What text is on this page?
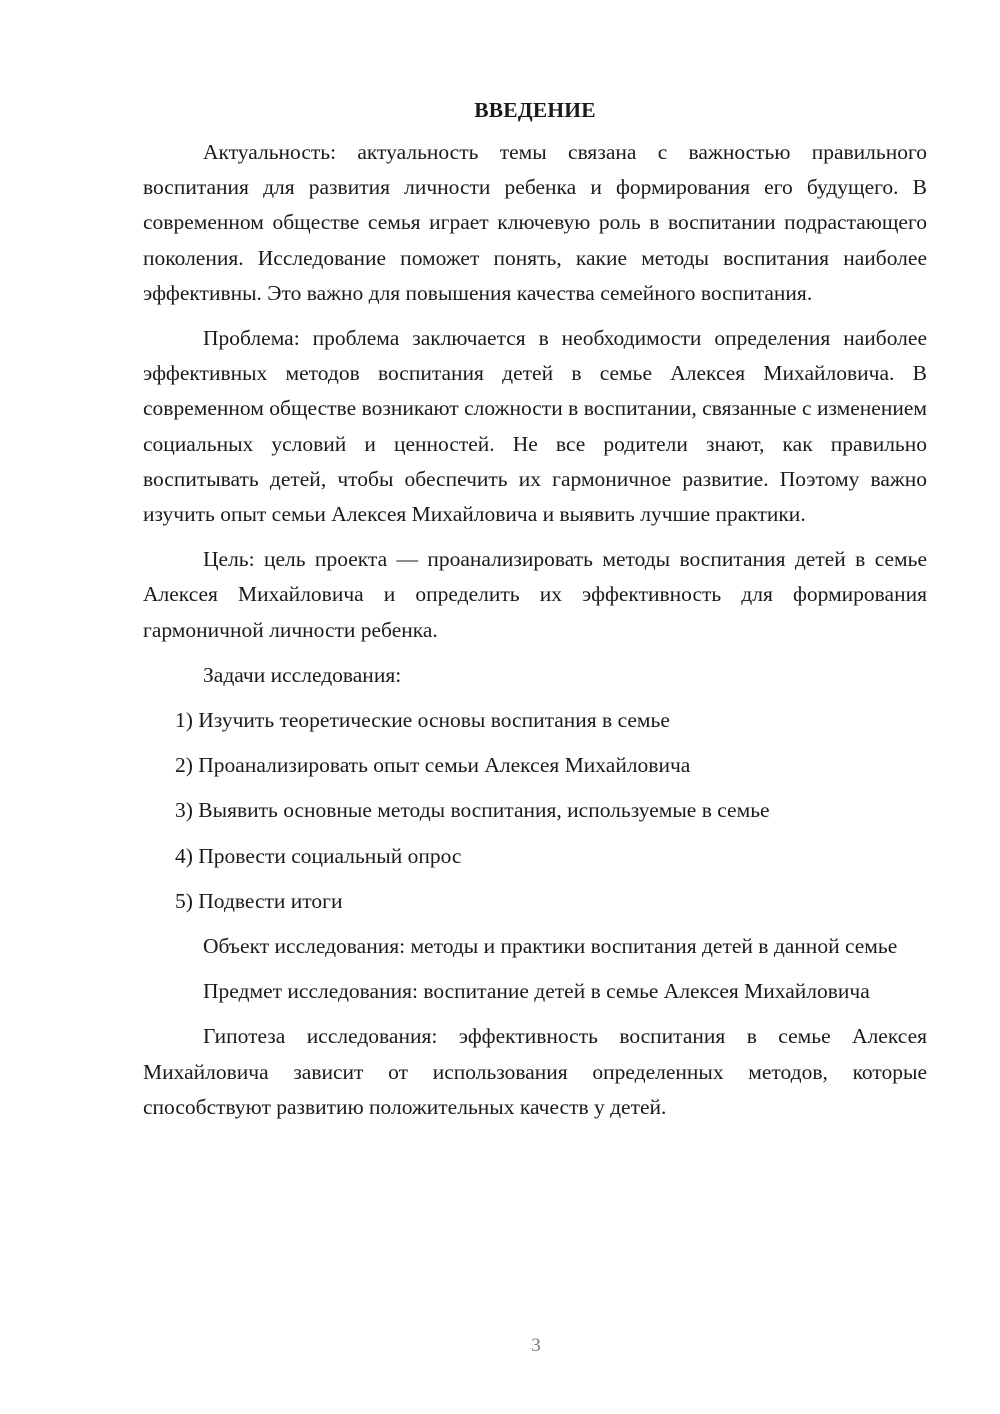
ВВЕДЕНИЕ

Актуальность: актуальность темы связана с важностью правильного воспитания для развития личности ребенка и формирования его будущего. В современном обществе семья играет ключевую роль в воспитании подрастающего поколения. Исследование поможет понять, какие методы воспитания наиболее эффективны. Это важно для повышения качества семейного воспитания.

Проблема: проблема заключается в необходимости определения наиболее эффективных методов воспитания детей в семье Алексея Михайловича. В современном обществе возникают сложности в воспитании, связанные с изменением социальных условий и ценностей. Не все родители знают, как правильно воспитывать детей, чтобы обеспечить их гармоничное развитие. Поэтому важно изучить опыт семьи Алексея Михайловича и выявить лучшие практики.

Цель: цель проекта — проанализировать методы воспитания детей в семье Алексея Михайловича и определить их эффективность для формирования гармоничной личности ребенка.

Задачи исследования:

1) Изучить теоретические основы воспитания в семье
2) Проанализировать опыт семьи Алексея Михайловича
3) Выявить основные методы воспитания, используемые в семье
4) Провести социальный опрос
5) Подвести итоги

Объект исследования: методы и практики воспитания детей в данной семье

Предмет исследования: воспитание детей в семье Алексея Михайловича

Гипотеза исследования: эффективность воспитания в семье Алексея Михайловича зависит от использования определенных методов, которые способствуют развитию положительных качеств у детей.

3
